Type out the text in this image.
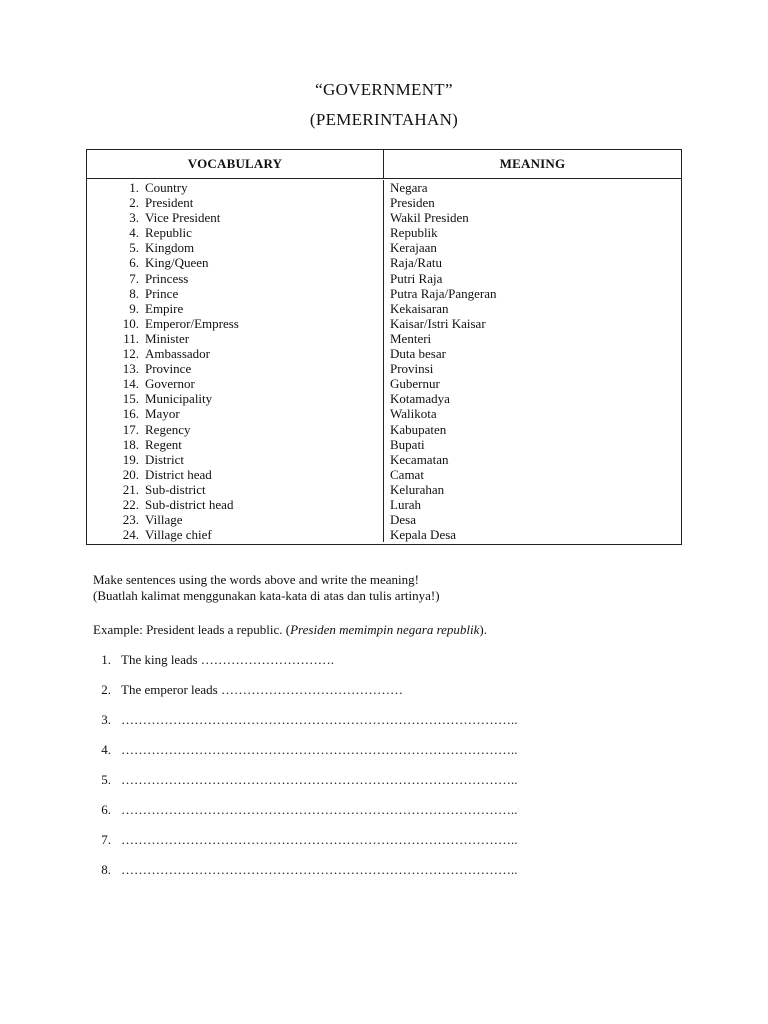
“GOVERNMENT”
(PEMERINTAHAN)
VOCABULARY	MEANING
1. Country
2. President
3. Vice President
4. Republic
5. Kingdom
6. King/Queen
7. Princess
8. Prince
9. Empire
10. Emperor/Empress
11. Minister
12. Ambassador
13. Province
14. Governor
15. Municipality
16. Mayor
17. Regency
18. Regent
19. District
20. District head
21. Sub-district
22. Sub-district head
23. Village
24. Village chief
Negara
Presiden
Wakil Presiden
Republik
Kerajaan
Raja/Ratu
Putri Raja
Putra Raja/Pangeran
Kekaisaran
Kaisar/Istri Kaisar
Menteri
Duta besar
Provinsi
Gubernur
Kotamadya
Walikota
Kabupaten
Bupati
Kecamatan
Camat
Kelurahan
Lurah
Desa
Kepala Desa
Make sentences using the words above and write the meaning!
(Buatlah kalimat menggunakan kata-kata di atas dan tulis artinya!)
Example: President leads a republic. (Presiden memimpin negara republik).
1. The king leads ………………………….
2. The emperor leads ……………………………………
3. ………………………………………………………………………………..
4. ………………………………………………………………………………..
5. ………………………………………………………………………………..
6. ………………………………………………………………………………..
7. ………………………………………………………………………………..
8. ………………………………………………………………………………..
